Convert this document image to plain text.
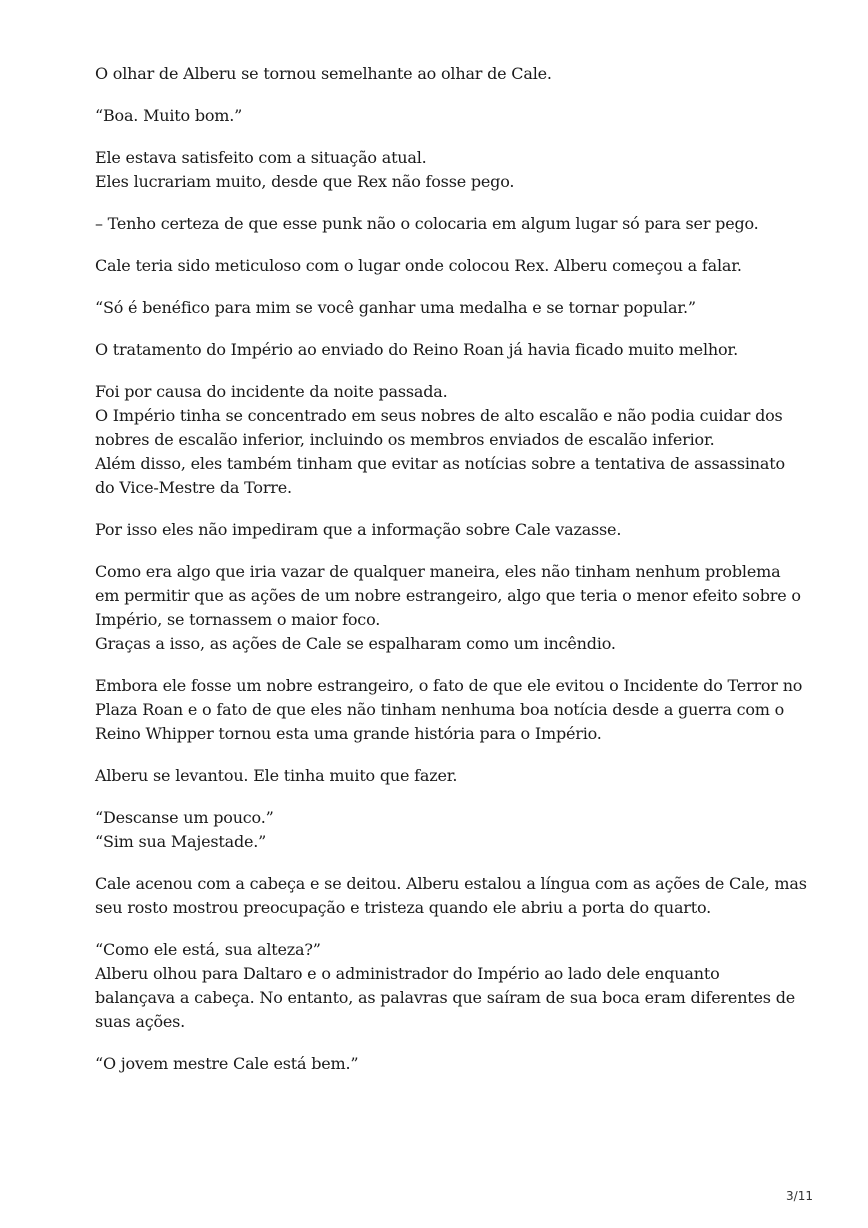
O olhar de Alberu se tornou semelhante ao olhar de Cale.

“Boa. Muito bom.”

Ele estava satisfeito com a situação atual.
Eles lucrariam muito, desde que Rex não fosse pego.

– Tenho certeza de que esse punk não o colocaria em algum lugar só para ser pego.

Cale teria sido meticuloso com o lugar onde colocou Rex. Alberu começou a falar.

“Só é benéfico para mim se você ganhar uma medalha e se tornar popular.”

O tratamento do Império ao enviado do Reino Roan já havia ficado muito melhor.

Foi por causa do incidente da noite passada.
O Império tinha se concentrado em seus nobres de alto escalão e não podia cuidar dos
nobres de escalão inferior, incluindo os membros enviados de escalão inferior.
Além disso, eles também tinham que evitar as notícias sobre a tentativa de assassinato
do Vice-Mestre da Torre.

Por isso eles não impediram que a informação sobre Cale vazasse.

Como era algo que iria vazar de qualquer maneira, eles não tinham nenhum problema
em permitir que as ações de um nobre estrangeiro, algo que teria o menor efeito sobre o
Império, se tornassem o maior foco.
Graças a isso, as ações de Cale se espalharam como um incêndio.

Embora ele fosse um nobre estrangeiro, o fato de que ele evitou o Incidente do Terror no
Plaza Roan e o fato de que eles não tinham nenhuma boa notícia desde a guerra com o
Reino Whipper tornou esta uma grande história para o Império.

Alberu se levantou. Ele tinha muito que fazer.

“Descanse um pouco.”
“Sim sua Majestade.”

Cale acenou com a cabeça e se deitou. Alberu estalou a língua com as ações de Cale, mas
seu rosto mostrou preocupação e tristeza quando ele abriu a porta do quarto.

“Como ele está, sua alteza?”
Alberu olhou para Daltaro e o administrador do Império ao lado dele enquanto
balançava a cabeça. No entanto, as palavras que saíram de sua boca eram diferentes de
suas ações.

“O jovem mestre Cale está bem.”

3/11
